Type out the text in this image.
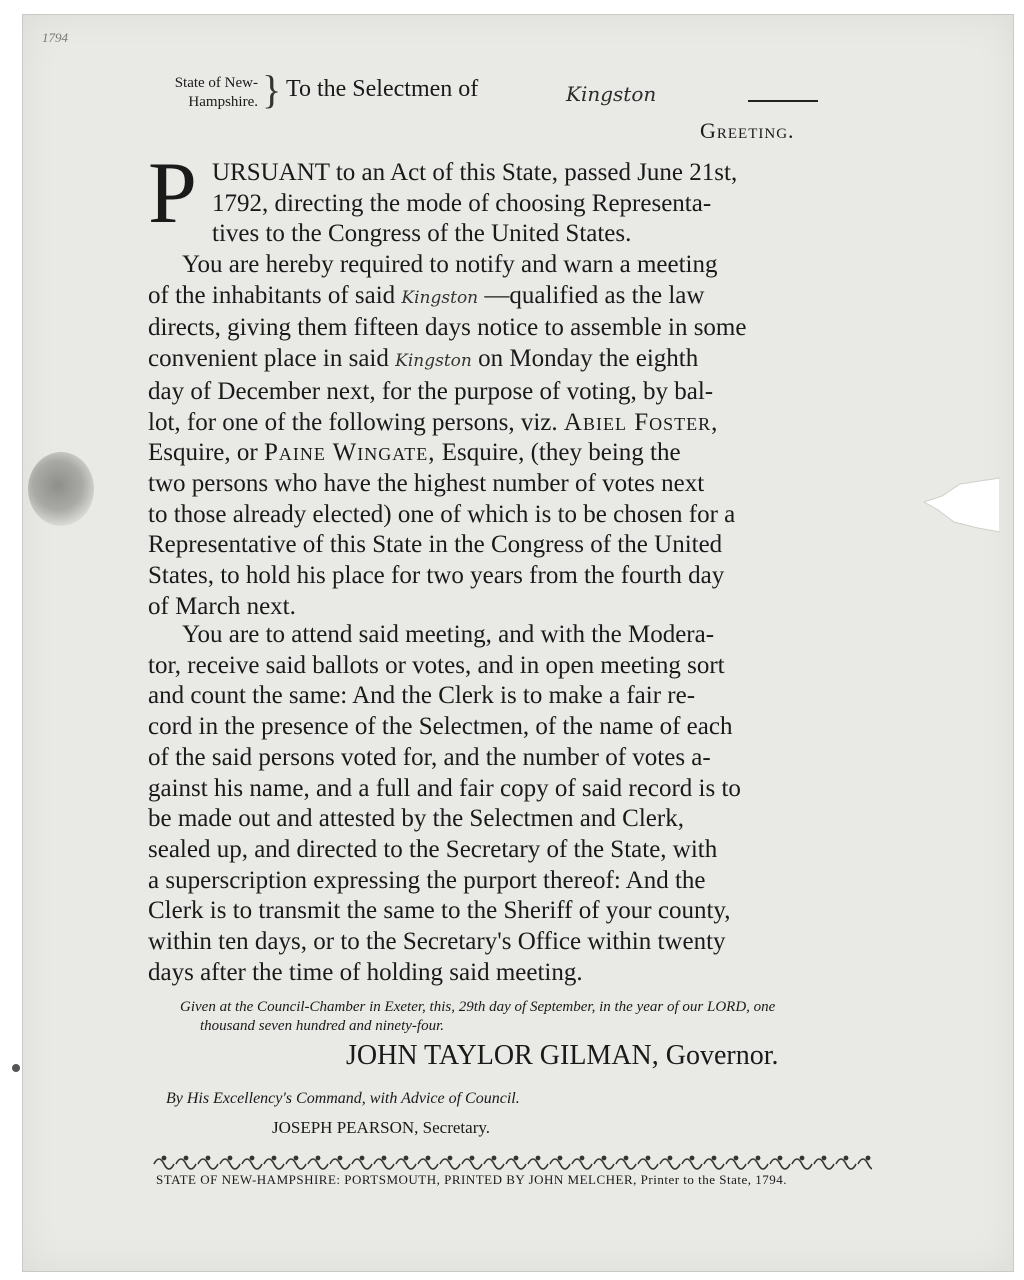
1794
State of New-
Hampshire. } To the Selectmen of	Kingston
Greeting.
P URSUANT to an Act of this State, passed June 21st,
1792, directing the mode of choosing Representa-
tives to the Congress of the United States.
You are hereby required to notify and warn a meeting
of the inhabitants of said Kingston —qualified as the law
directs, giving them fifteen days notice to assemble in some
convenient place in said Kingston on Monday the eighth
day of December next, for the purpose of voting, by bal-
lot, for one of the following persons, viz. Abiel Foster,
Esquire, or Paine Wingate, Esquire, (they being the
two persons who have the highest number of votes next
to those already elected) one of which is to be chosen for a
Representative of this State in the Congress of the United
States, to hold his place for two years from the fourth day
of March next.
You are to attend said meeting, and with the Modera-
tor, receive said ballots or votes, and in open meeting sort
and count the same: And the Clerk is to make a fair re-
cord in the presence of the Selectmen, of the name of each
of the said persons voted for, and the number of votes a-
gainst his name, and a full and fair copy of said record is to
be made out and attested by the Selectmen and Clerk,
sealed up, and directed to the Secretary of the State, with
a superscription expressing the purport thereof: And the
Clerk is to transmit the same to the Sheriff of your county,
within ten days, or to the Secretary's Office within twenty
days after the time of holding said meeting.
Given at the Council-Chamber in Exeter, this, 29th day of September, in the year of our LORD, one
thousand seven hundred and ninety-four.
JOHN TAYLOR GILMAN, Governor.
By His Excellency's Command, with Advice of Council.
JOSEPH PEARSON, Secretary.
STATE OF NEW-HAMPSHIRE: PORTSMOUTH, PRINTED BY JOHN MELCHER, Printer to the State, 1794.
